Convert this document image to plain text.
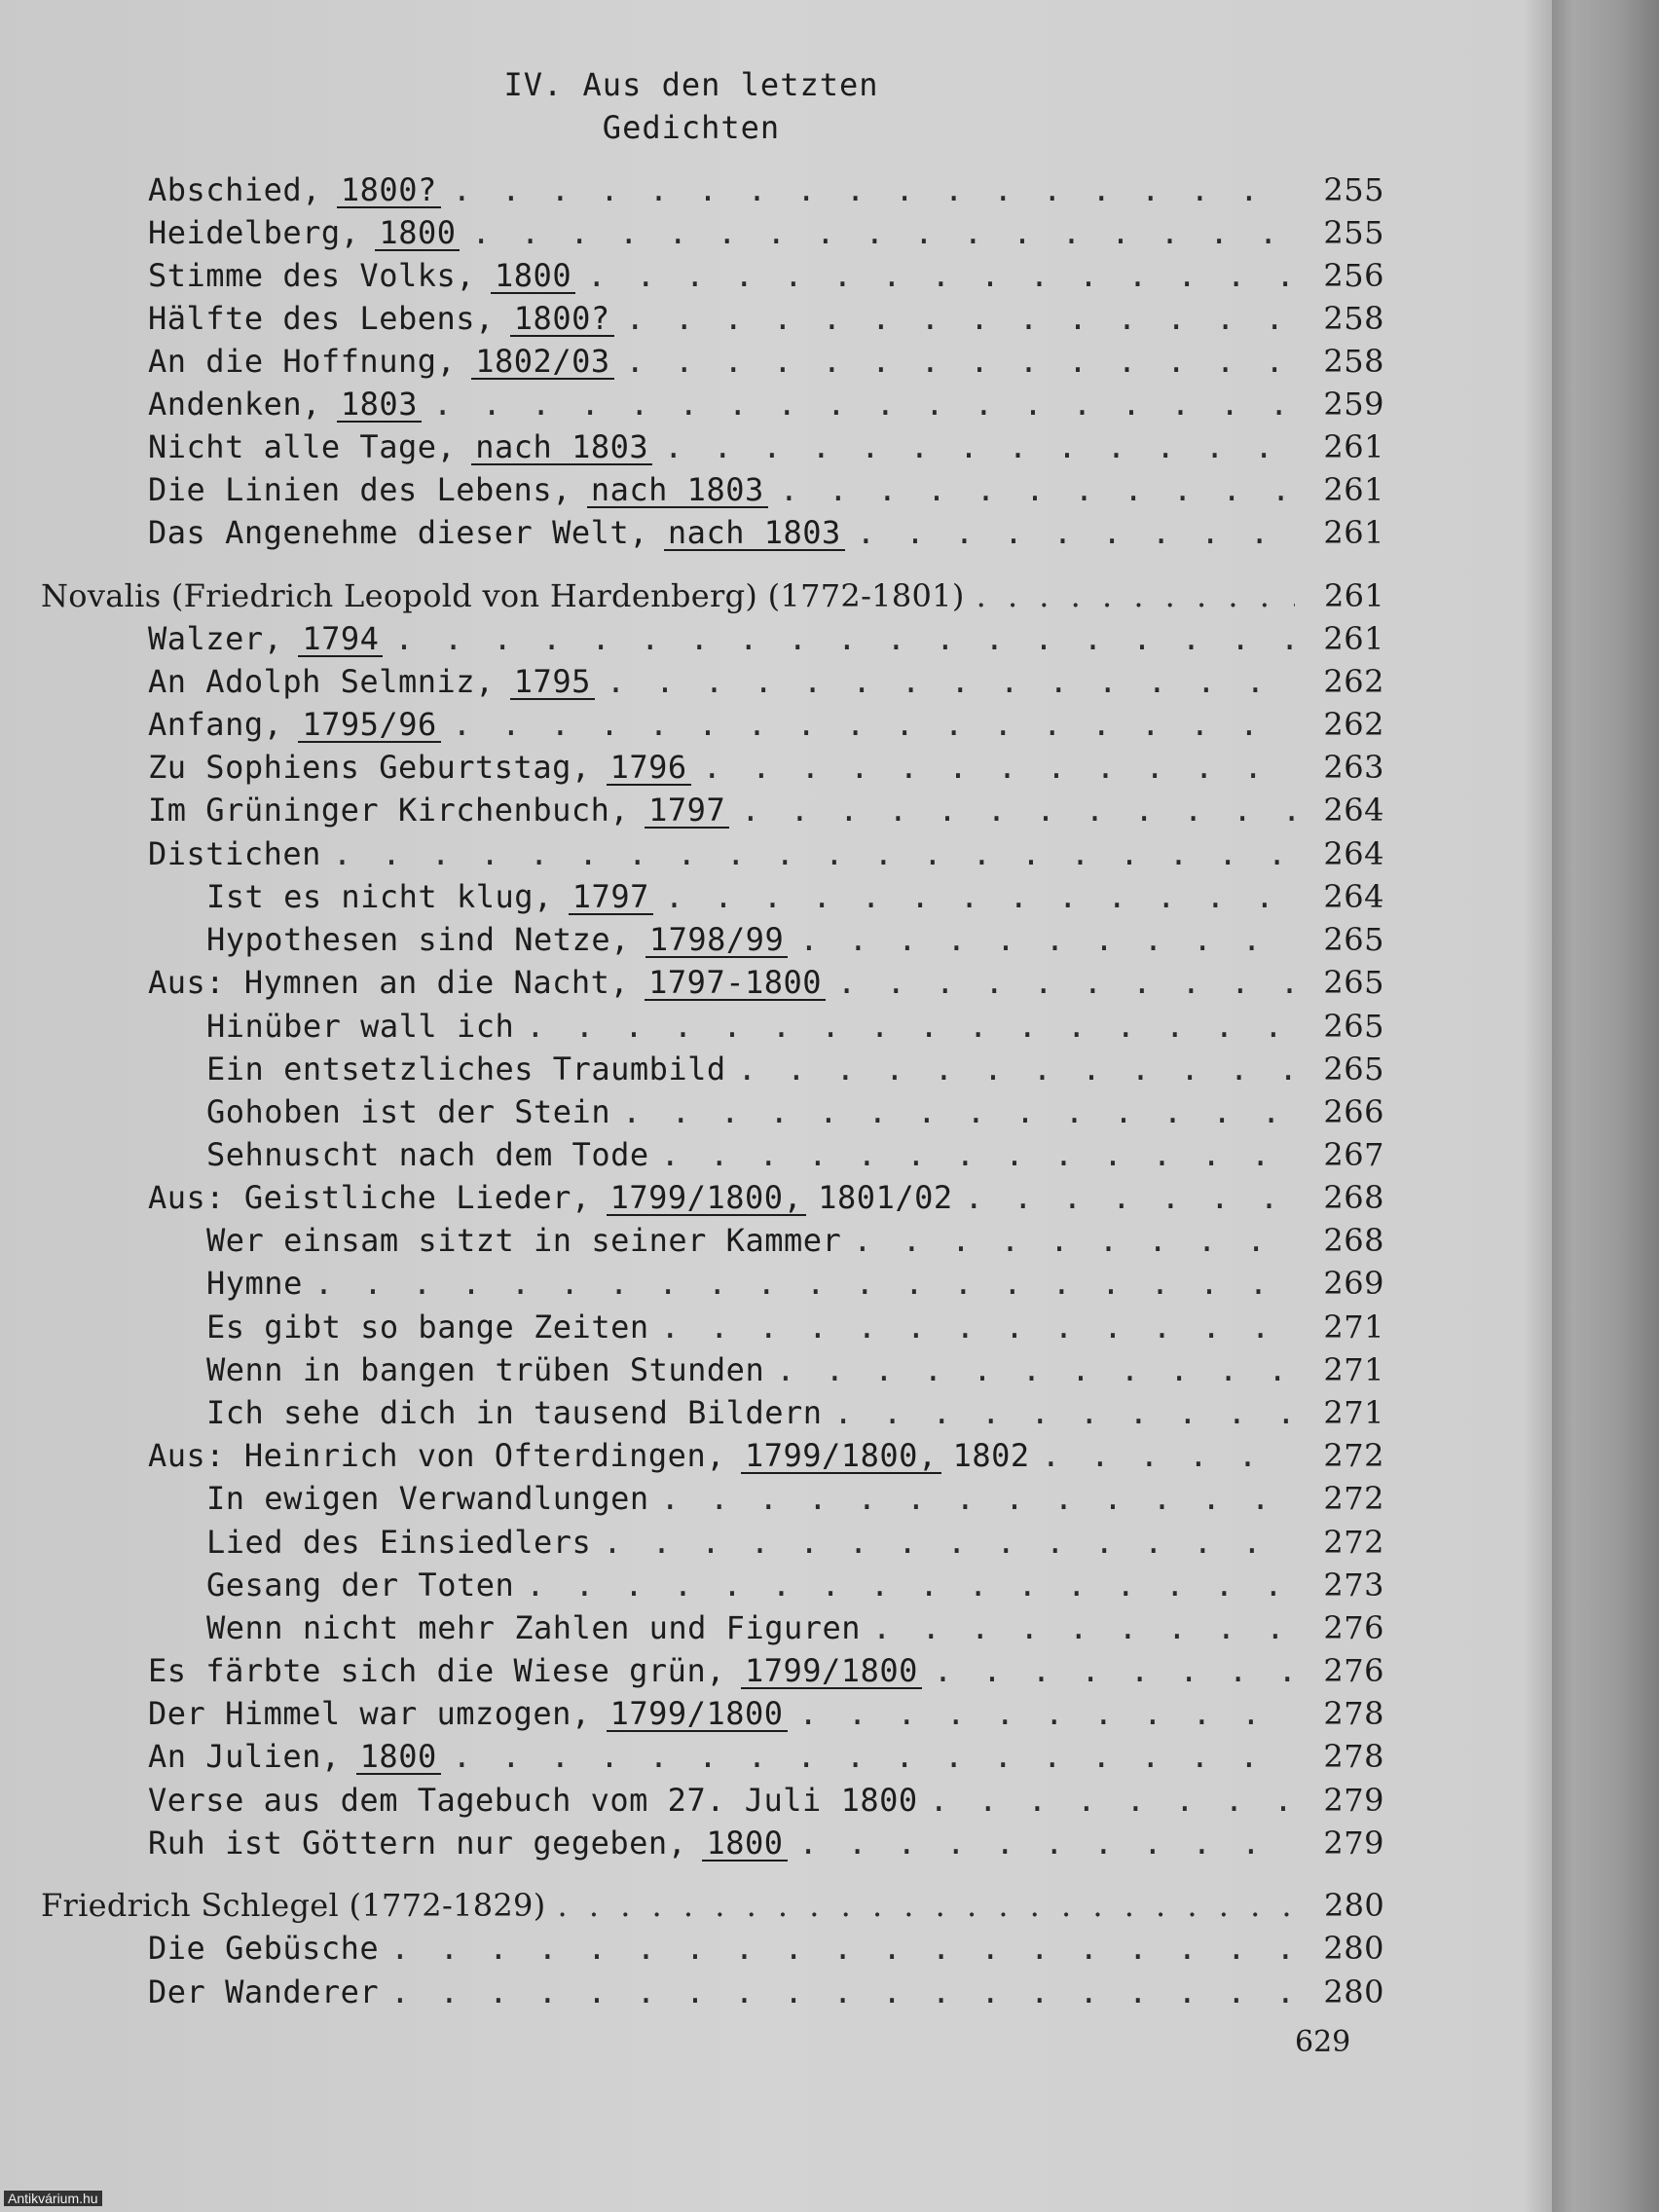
IV. Aus den letzten
Gedichten
Abschied, 1800? . . .	255
Heidelberg, 1800 . . .	255
Stimme des Volks, 1800 . . .	256
Hälfte des Lebens, 1800? . . .	258
An die Hoffnung, 1802/03 . . .	258
Andenken, 1803 . . .	259
Nicht alle Tage, nach 1803 . . .	261
Die Linien des Lebens, nach 1803 . . .	261
Das Angenehme dieser Welt, nach 1803 . . .	261
Novalis (Friedrich Leopold von Hardenberg) (1772-1801) . . .	261
Walzer, 1794 . . .	261
An Adolph Selmniz, 1795 . . .	262
Anfang, 1795/96 . . .	262
Zu Sophiens Geburtstag, 1796 . . .	263
Im Grüninger Kirchenbuch, 1797 . . .	264
Distichen . . .	264
Ist es nicht klug, 1797 . . .	264
Hypothesen sind Netze, 1798/99 . . .	265
Aus: Hymnen an die Nacht, 1797-1800 . . .	265
Hinüber wall ich . . .	265
Ein entsetzliches Traumbild . . .	265
Gohoben ist der Stein . . .	266
Sehnuscht nach dem Tode . . .	267
Aus: Geistliche Lieder, 1799/1800, 1801/02 . . .	268
Wer einsam sitzt in seiner Kammer . . .	268
Hymne . . .	269
Es gibt so bange Zeiten . . .	271
Wenn in bangen trüben Stunden . . .	271
Ich sehe dich in tausend Bildern . . .	271
Aus: Heinrich von Ofterdingen, 1799/1800, 1802 . . .	272
In ewigen Verwandlungen . . .	272
Lied des Einsiedlers . . .	272
Gesang der Toten . . .	273
Wenn nicht mehr Zahlen und Figuren . . .	276
Es färbte sich die Wiese grün, 1799/1800 . . .	276
Der Himmel war umzogen, 1799/1800 . . .	278
An Julien, 1800 . . .	278
Verse aus dem Tagebuch vom 27. Juli 1800 . . .	279
Ruh ist Göttern nur gegeben, 1800 . . .	279
Friedrich Schlegel (1772-1829) . . .	280
Die Gebüsche . . .	280
Der Wanderer . . .	280
629
Antikvárium.hu
